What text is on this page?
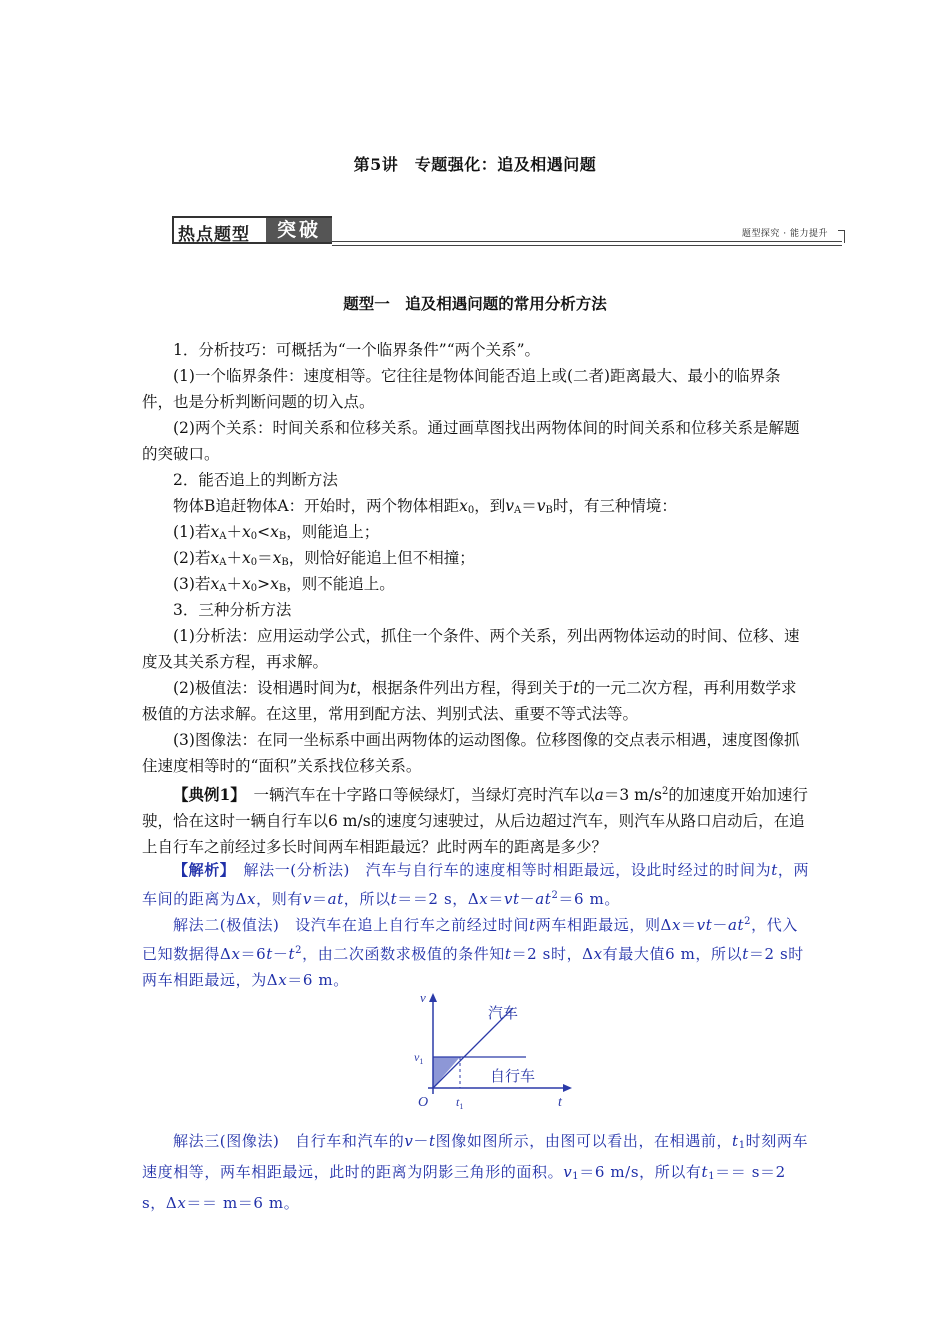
第5讲　专题强化：追及相遇问题
热点题型	突破	题型探究 · 能力提升
题型一　追及相遇问题的常用分析方法
1．分析技巧：可概括为“一个临界条件”“两个关系”。
(1)一个临界条件：速度相等。它往往是物体间能否追上或(二者)距离最大、最小的临界条件，也是分析判断问题的切入点。
(2)两个关系：时间关系和位移关系。通过画草图找出两物体间的时间关系和位移关系是解题的突破口。
2．能否追上的判断方法
物体B追赶物体A：开始时，两个物体相距$x_0$，到$v_A=v_B$时，有三种情境：
(1)若$x_A+x_0<x_B$，则能追上；
(2)若$x_A+x_0=x_B$，则恰好能追上但不相撞；
(3)若$x_A+x_0>x_B$，则不能追上。
3．三种分析方法
(1)分析法：应用运动学公式，抓住一个条件、两个关系，列出两物体运动的时间、位移、速度及其关系方程，再求解。
(2)极值法：设相遇时间为t，根据条件列出方程，得到关于t的一元二次方程，再利用数学求极值的方法求解。在这里，常用到配方法、判别式法、重要不等式法等。
(3)图像法：在同一坐标系中画出两物体的运动图像。位移图像的交点表示相遇，速度图像抓住速度相等时的“面积”关系找位移关系。
【典例1】　一辆汽车在十字路口等候绿灯，当绿灯亮时汽车以a＝3 $m/s^2$的加速度开始加速行驶，恰在这时一辆自行车以6 m/s的速度匀速驶过，从后边超过汽车，则汽车从路口启动后，在追上自行车之前经过多长时间两车相距最远？此时两车的距离是多少？
【解析】　解法一(分析法)　汽车与自行车的速度相等时相距最远，设此时经过的时间为t，两车间的距离为Δx，则有v＝at，所以t＝＝2 s，$\Delta x=vt-at^2=6$ m。
解法二(极值法)　设汽车在追上自行车之前经过时间t两车相距最远，则$\Delta x=vt-at^2$，代入已知数据得$\Delta x=6t-t^2$，由二次函数求极值的条件知t＝2 s时，Δx有最大值6 m，所以t＝2 s时两车相距最远，为Δx＝6 m。
v
$v_1$
汽车
自行车
O $t_1$	t
解法三(图像法)　自行车和汽车的v－t图像如图所示，由图可以看出，在相遇前，$t_1$时刻两车速度相等，两车相距最远，此时的距离为阴影三角形的面积。$v_1=6$ m/s，所以有$t_1== s=2$ s，Δx＝＝ m＝6 m。
